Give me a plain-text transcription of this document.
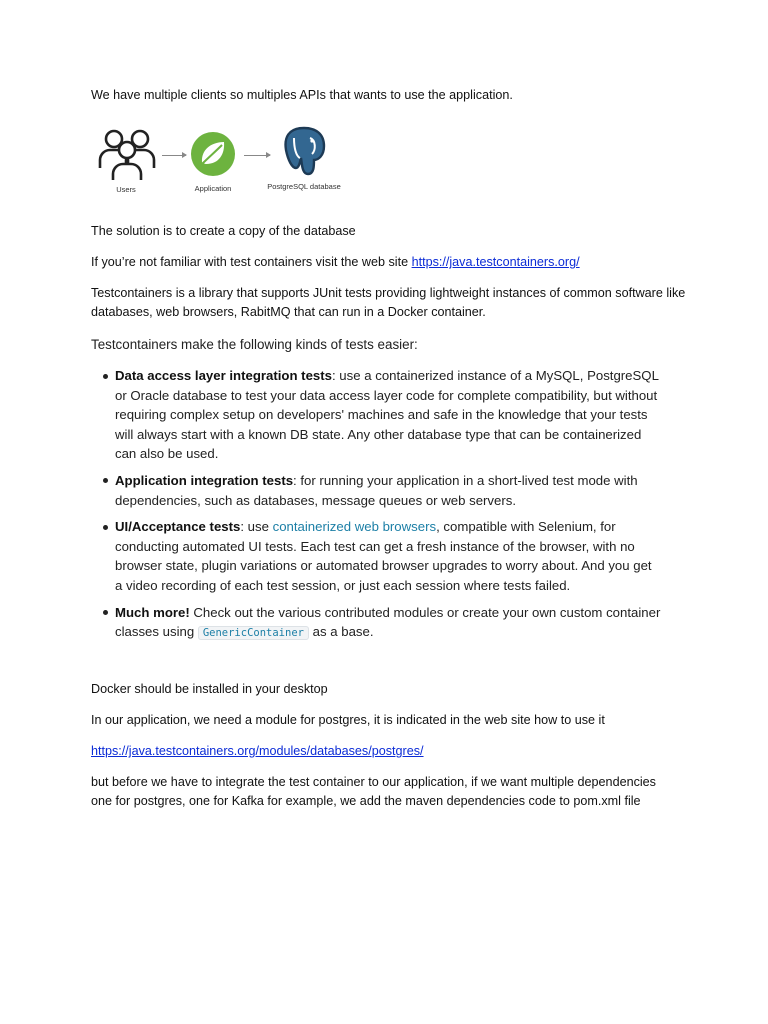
We have multiple clients so multiples APIs that wants to use the application.

Users	Application	PostgreSQL database

The solution is to create a copy of the database

If you’re not familiar with test containers visit the web site https://java.testcontainers.org/

Testcontainers is a library that supports JUnit tests providing lightweight instances of common software like databases, web browsers, RabitMQ that can run in a Docker container.

Testcontainers make the following kinds of tests easier:

Data access layer integration tests: use a containerized instance of a MySQL, PostgreSQL or Oracle database to test your data access layer code for complete compatibility, but without requiring complex setup on developers' machines and safe in the knowledge that your tests will always start with a known DB state. Any other database type that can be containerized can also be used.
Application integration tests: for running your application in a short-lived test mode with dependencies, such as databases, message queues or web servers.
UI/Acceptance tests: use containerized web browsers, compatible with Selenium, for conducting automated UI tests. Each test can get a fresh instance of the browser, with no browser state, plugin variations or automated browser upgrades to worry about. And you get a video recording of each test session, or just each session where tests failed.
Much more! Check out the various contributed modules or create your own custom container classes using GenericContainer as a base.

Docker should be installed in your desktop

In our application, we need a module for postgres, it is indicated in the web site how to use it

https://java.testcontainers.org/modules/databases/postgres/

but before we have to integrate the test container to our application, if we want multiple dependencies one for postgres, one for Kafka for example, we add the maven dependencies code to pom.xml file
